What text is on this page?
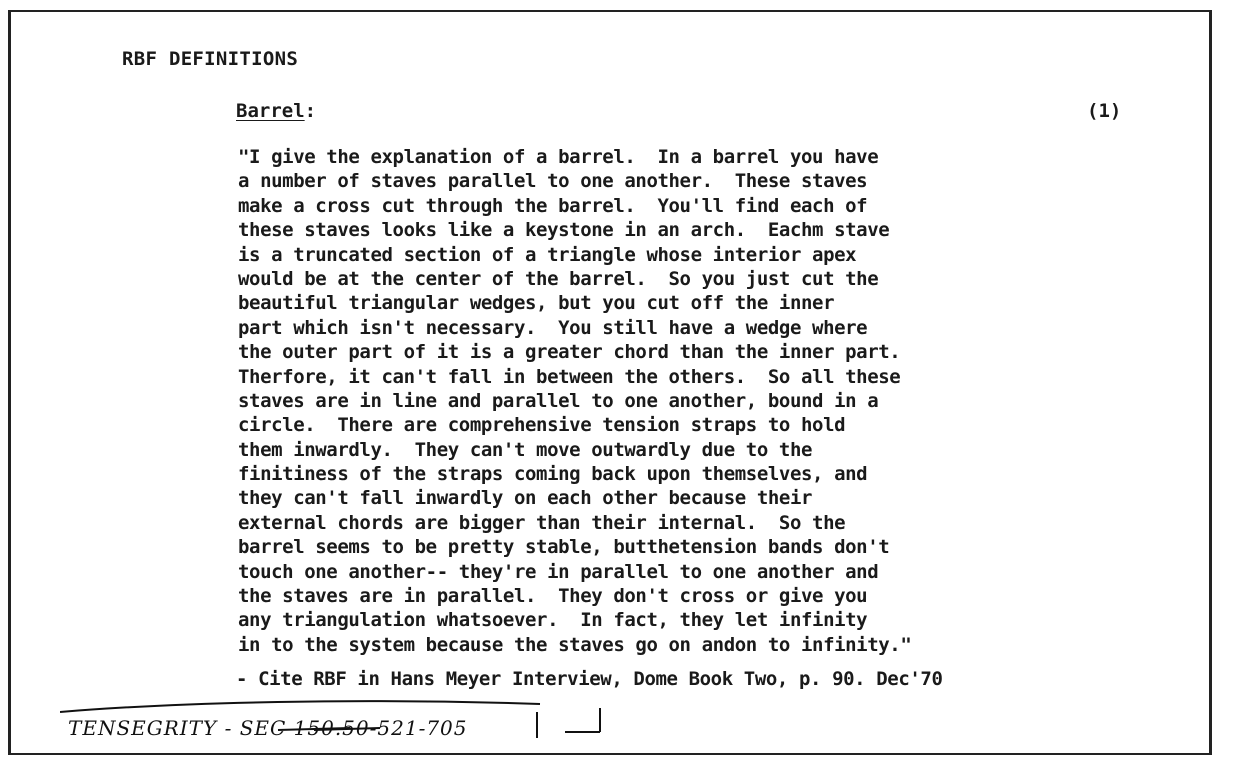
RBF DEFINITIONS
Barrel:	(1)
"I give the explanation of a barrel.  In a barrel you have
a number of staves parallel to one another.  These staves
make a cross cut through the barrel.  You'll find each of
these staves looks like a keystone in an arch.  Eachm stave
is a truncated section of a triangle whose interior apex
would be at the center of the barrel.  So you just cut the
beautiful triangular wedges, but you cut off the inner
part which isn't necessary.  You still have a wedge where
the outer part of it is a greater chord than the inner part.
Therfore, it can't fall in between the others.  So all these
staves are in line and parallel to one another, bound in a
circle.  There are comprehensive tension straps to hold
them inwardly.  They can't move outwardly due to the
finitiness of the straps coming back upon themselves, and
they can't fall inwardly on each other because their
external chords are bigger than their internal.  So the
barrel seems to be pretty stable, butthetension bands don't
touch one another-- they're in parallel to one another and
the staves are in parallel.  They don't cross or give you
any triangulation whatsoever.  In fact, they let infinity
in to the system because the staves go on andon to infinity."
- Cite RBF in Hans Meyer Interview, Dome Book Two, p. 90. Dec'70
TENSEGRITY - SEC 150.50-521-705
